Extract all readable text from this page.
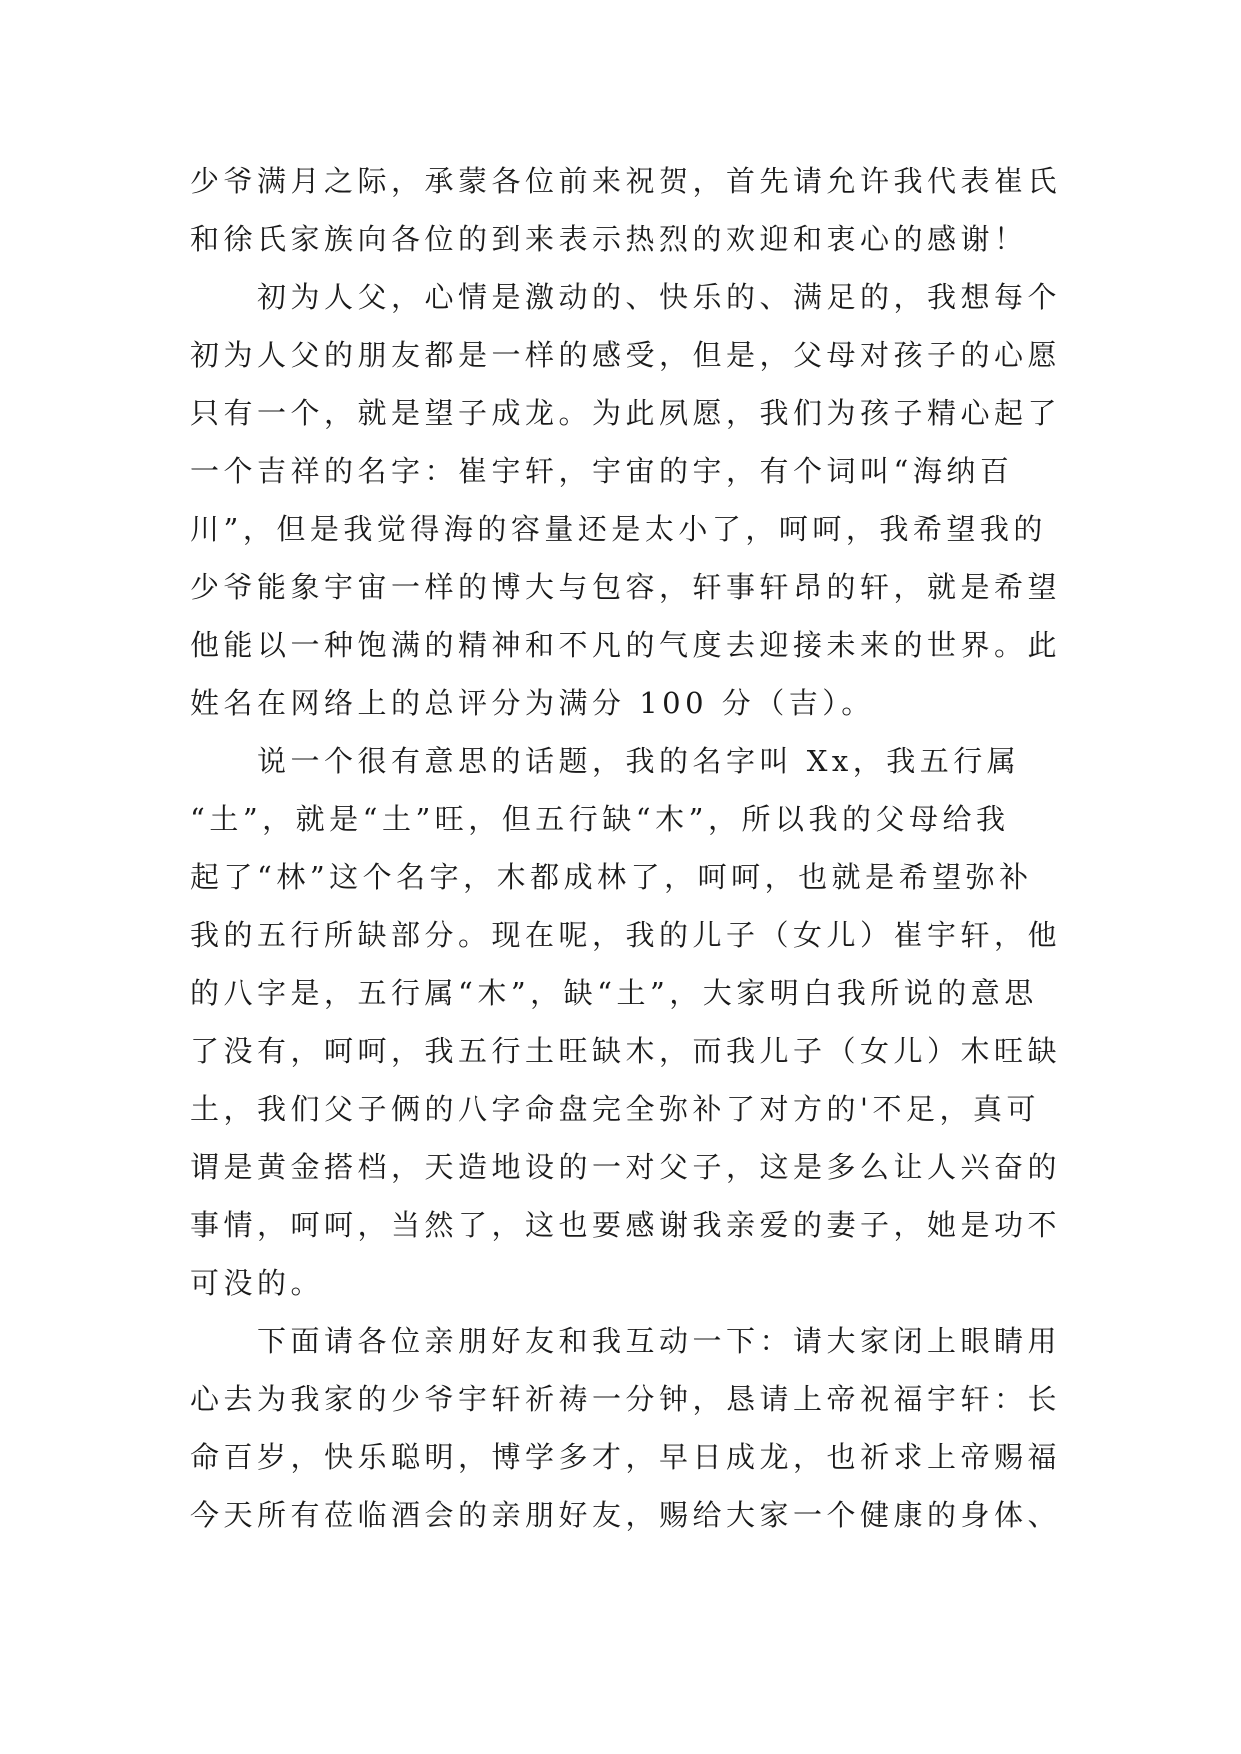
少爷满月之际，承蒙各位前来祝贺，首先请允许我代表崔氏
和徐氏家族向各位的到来表示热烈的欢迎和衷心的感谢！
　　初为人父，心情是激动的、快乐的、满足的，我想每个
初为人父的朋友都是一样的感受，但是，父母对孩子的心愿
只有一个，就是望子成龙。为此夙愿，我们为孩子精心起了
一个吉祥的名字：崔宇轩，宇宙的宇，有个词叫“海纳百
川”，但是我觉得海的容量还是太小了，呵呵，我希望我的
少爷能象宇宙一样的博大与包容，轩事轩昂的轩，就是希望
他能以一种饱满的精神和不凡的气度去迎接未来的世界。此
姓名在网络上的总评分为满分 100 分（吉）。
　　说一个很有意思的话题，我的名字叫 Xx，我五行属
“土”，就是“土”旺，但五行缺“木”，所以我的父母给我
起了“林”这个名字，木都成林了，呵呵，也就是希望弥补
我的五行所缺部分。现在呢，我的儿子（女儿）崔宇轩，他
的八字是，五行属“木”，缺“土”，大家明白我所说的意思
了没有，呵呵，我五行土旺缺木，而我儿子（女儿）木旺缺
土，我们父子俩的八字命盘完全弥补了对方的'不足，真可
谓是黄金搭档，天造地设的一对父子，这是多么让人兴奋的
事情，呵呵，当然了，这也要感谢我亲爱的妻子，她是功不
可没的。
　　下面请各位亲朋好友和我互动一下：请大家闭上眼睛用
心去为我家的少爷宇轩祈祷一分钟，恳请上帝祝福宇轩：长
命百岁，快乐聪明，博学多才，早日成龙，也祈求上帝赐福
今天所有莅临酒会的亲朋好友，赐给大家一个健康的身体、
